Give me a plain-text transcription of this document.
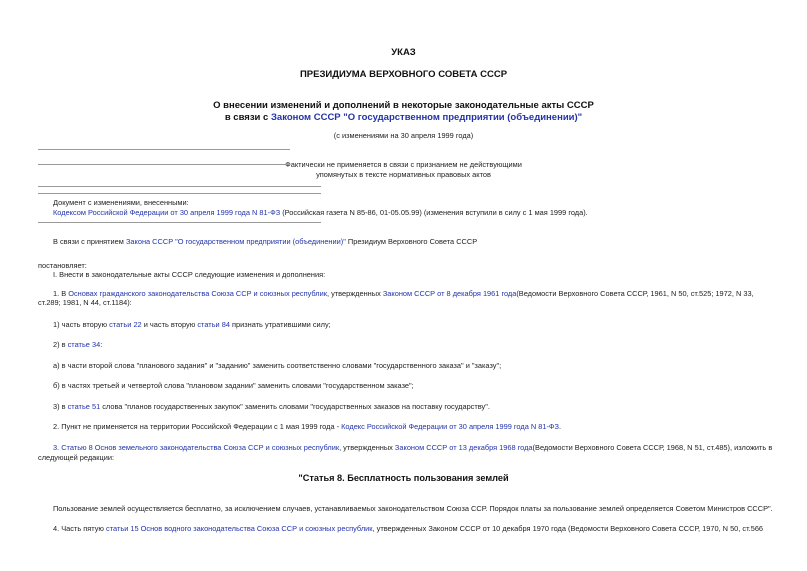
УКАЗ
ПРЕЗИДИУМА ВЕРХОВНОГО СОВЕТА СССР
О внесении изменений и дополнений в некоторые законодательные акты СССР
в связи с Законом СССР "О государственном предприятии (объединении)"
(с изменениями на 30 апреля 1999 года)
Фактически не применяется в связи с признанием не действующими
упомянутых в тексте нормативных правовых актов
Документ с изменениями, внесенными:
Кодексом Российской Федерации от 30 апреля 1999 года N 81-ФЗ (Российская газета N 85-86, 01-05.05.99) (изменения вступили в силу с 1 мая 1999 года).
В связи с принятием Закона СССР "О государственном предприятии (объединении)" Президиум Верховного Совета СССР
постановляет:
I. Внести в законодательные акты СССР следующие изменения и дополнения:
1. В Основах гражданского законодательства Союза ССР и союзных республик, утвержденных Законом СССР от 8 декабря 1961 года(Ведомости Верховного Совета СССР, 1961, N 50, ст.525; 1972, N 33,
ст.289; 1981, N 44, ст.1184):
1) часть вторую статьи 22 и часть вторую статьи 84 признать утратившими силу;
2) в статье 34:
а) в части второй слова "планового задания" и "заданию" заменить соответственно словами "государственного заказа" и "заказу";
б) в частях третьей и четвертой слова "плановом задании" заменить словами "государственном заказе";
3) в статье 51 слова "планов государственных закупок" заменить словами "государственных заказов на поставку государству".
2. Пункт не применяется на территории Российской Федерации с 1 мая 1999 года - Кодекс Российской Федерации от 30 апреля 1999 года N 81-ФЗ.
3. Статью 8 Основ земельного законодательства Союза ССР и союзных республик, утвержденных Законом СССР от 13 декабря 1968 года(Ведомости Верховного Совета СССР, 1968, N 51, ст.485), изложить в
следующей редакции:
"Статья 8. Бесплатность пользования землей
Пользование землей осуществляется бесплатно, за исключением случаев, устанавливаемых законодательством Союза ССР. Порядок платы за пользование землей определяется Советом Министров СССР".
4. Часть пятую статьи 15 Основ водного законодательства Союза ССР и союзных республик, утвержденных Законом СССР от 10 декабря 1970 года (Ведомости Верховного Совета СССР, 1970, N 50, ст.566
